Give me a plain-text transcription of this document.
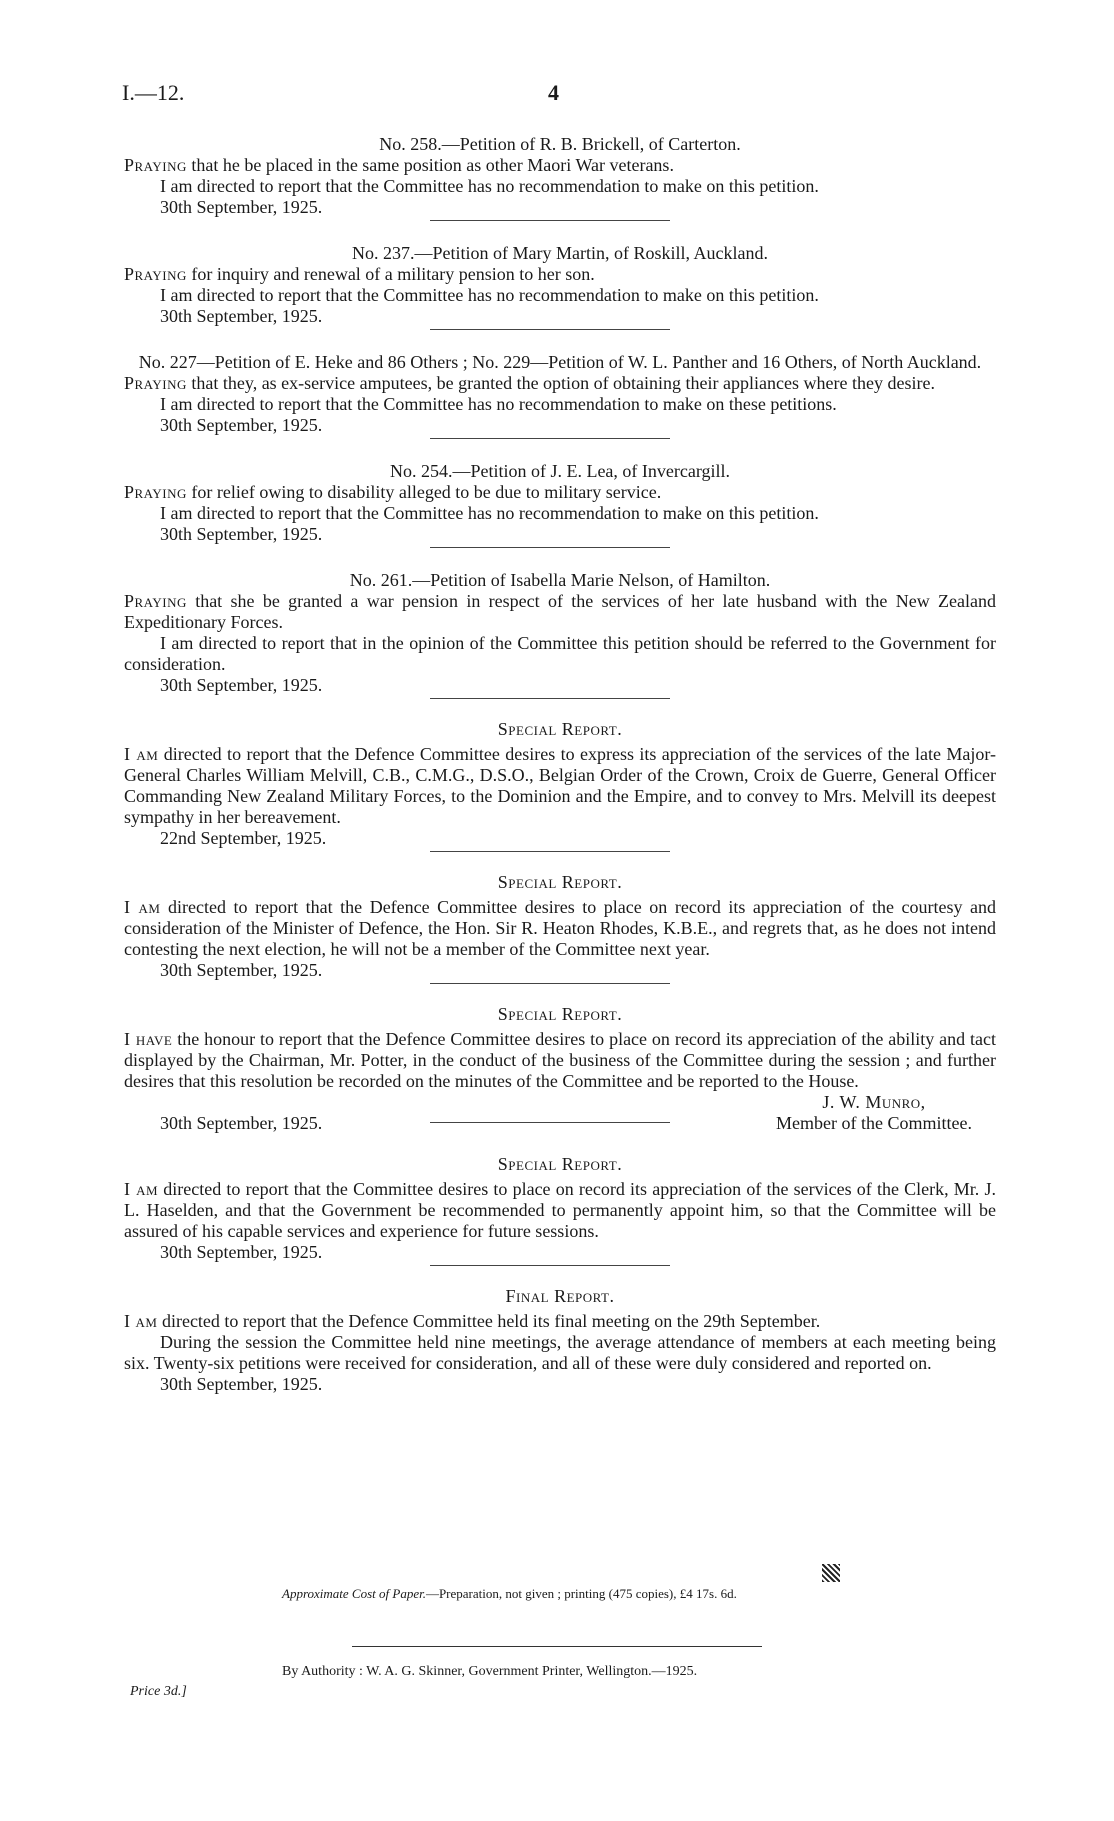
I.—12.	4
No. 258.—Petition of R. B. Brickell, of Carterton.

Praying that he be placed in the same position as other Maori War veterans.

I am directed to report that the Committee has no recommendation to make on this petition.

30th September, 1925.

No. 237.—Petition of Mary Martin, of Roskill, Auckland.

Praying for inquiry and renewal of a military pension to her son.

I am directed to report that the Committee has no recommendation to make on this petition.

30th September, 1925.

No. 227—Petition of E. Heke and 86 Others ; No. 229—Petition of W. L. Panther and 16 Others, of North Auckland.

Praying that they, as ex-service amputees, be granted the option of obtaining their appliances where they desire.

I am directed to report that the Committee has no recommendation to make on these petitions.

30th September, 1925.

No. 254.—Petition of J. E. Lea, of Invercargill.

Praying for relief owing to disability alleged to be due to military service.

I am directed to report that the Committee has no recommendation to make on this petition.

30th September, 1925.

No. 261.—Petition of Isabella Marie Nelson, of Hamilton.

Praying that she be granted a war pension in respect of the services of her late husband with the New Zealand Expeditionary Forces.

I am directed to report that in the opinion of the Committee this petition should be referred to the Government for consideration.

30th September, 1925.

Special Report.

I am directed to report that the Defence Committee desires to express its appreciation of the services of the late Major-General Charles William Melvill, C.B., C.M.G., D.S.O., Belgian Order of the Crown, Croix de Guerre, General Officer Commanding New Zealand Military Forces, to the Dominion and the Empire, and to convey to Mrs. Melvill its deepest sympathy in her bereavement.

22nd September, 1925.

Special Report.

I am directed to report that the Defence Committee desires to place on record its appreciation of the courtesy and consideration of the Minister of Defence, the Hon. Sir R. Heaton Rhodes, K.B.E., and regrets that, as he does not intend contesting the next election, he will not be a member of the Committee next year.

30th September, 1925.

Special Report.

I have the honour to report that the Defence Committee desires to place on record its appreciation of the ability and tact displayed by the Chairman, Mr. Potter, in the conduct of the business of the Committee during the session ; and further desires that this resolution be recorded on the minutes of the Committee and be reported to the House.

30th September, 1925.
J. W. Munro,
Member of the Committee.
Special Report.

I am directed to report that the Committee desires to place on record its appreciation of the services of the Clerk, Mr. J. L. Haselden, and that the Government be recommended to permanently appoint him, so that the Committee will be assured of his capable services and experience for future sessions.

30th September, 1925.

Final Report.

I am directed to report that the Defence Committee held its final meeting on the 29th September.

During the session the Committee held nine meetings, the average attendance of members at each meeting being six. Twenty-six petitions were received for consideration, and all of these were duly considered and reported on.

30th September, 1925.

Approximate Cost of Paper.—Preparation, not given ; printing (475 copies), £4 17s. 6d.
By Authority : W. A. G. Skinner, Government Printer, Wellington.—1925.
Price 3d.]
